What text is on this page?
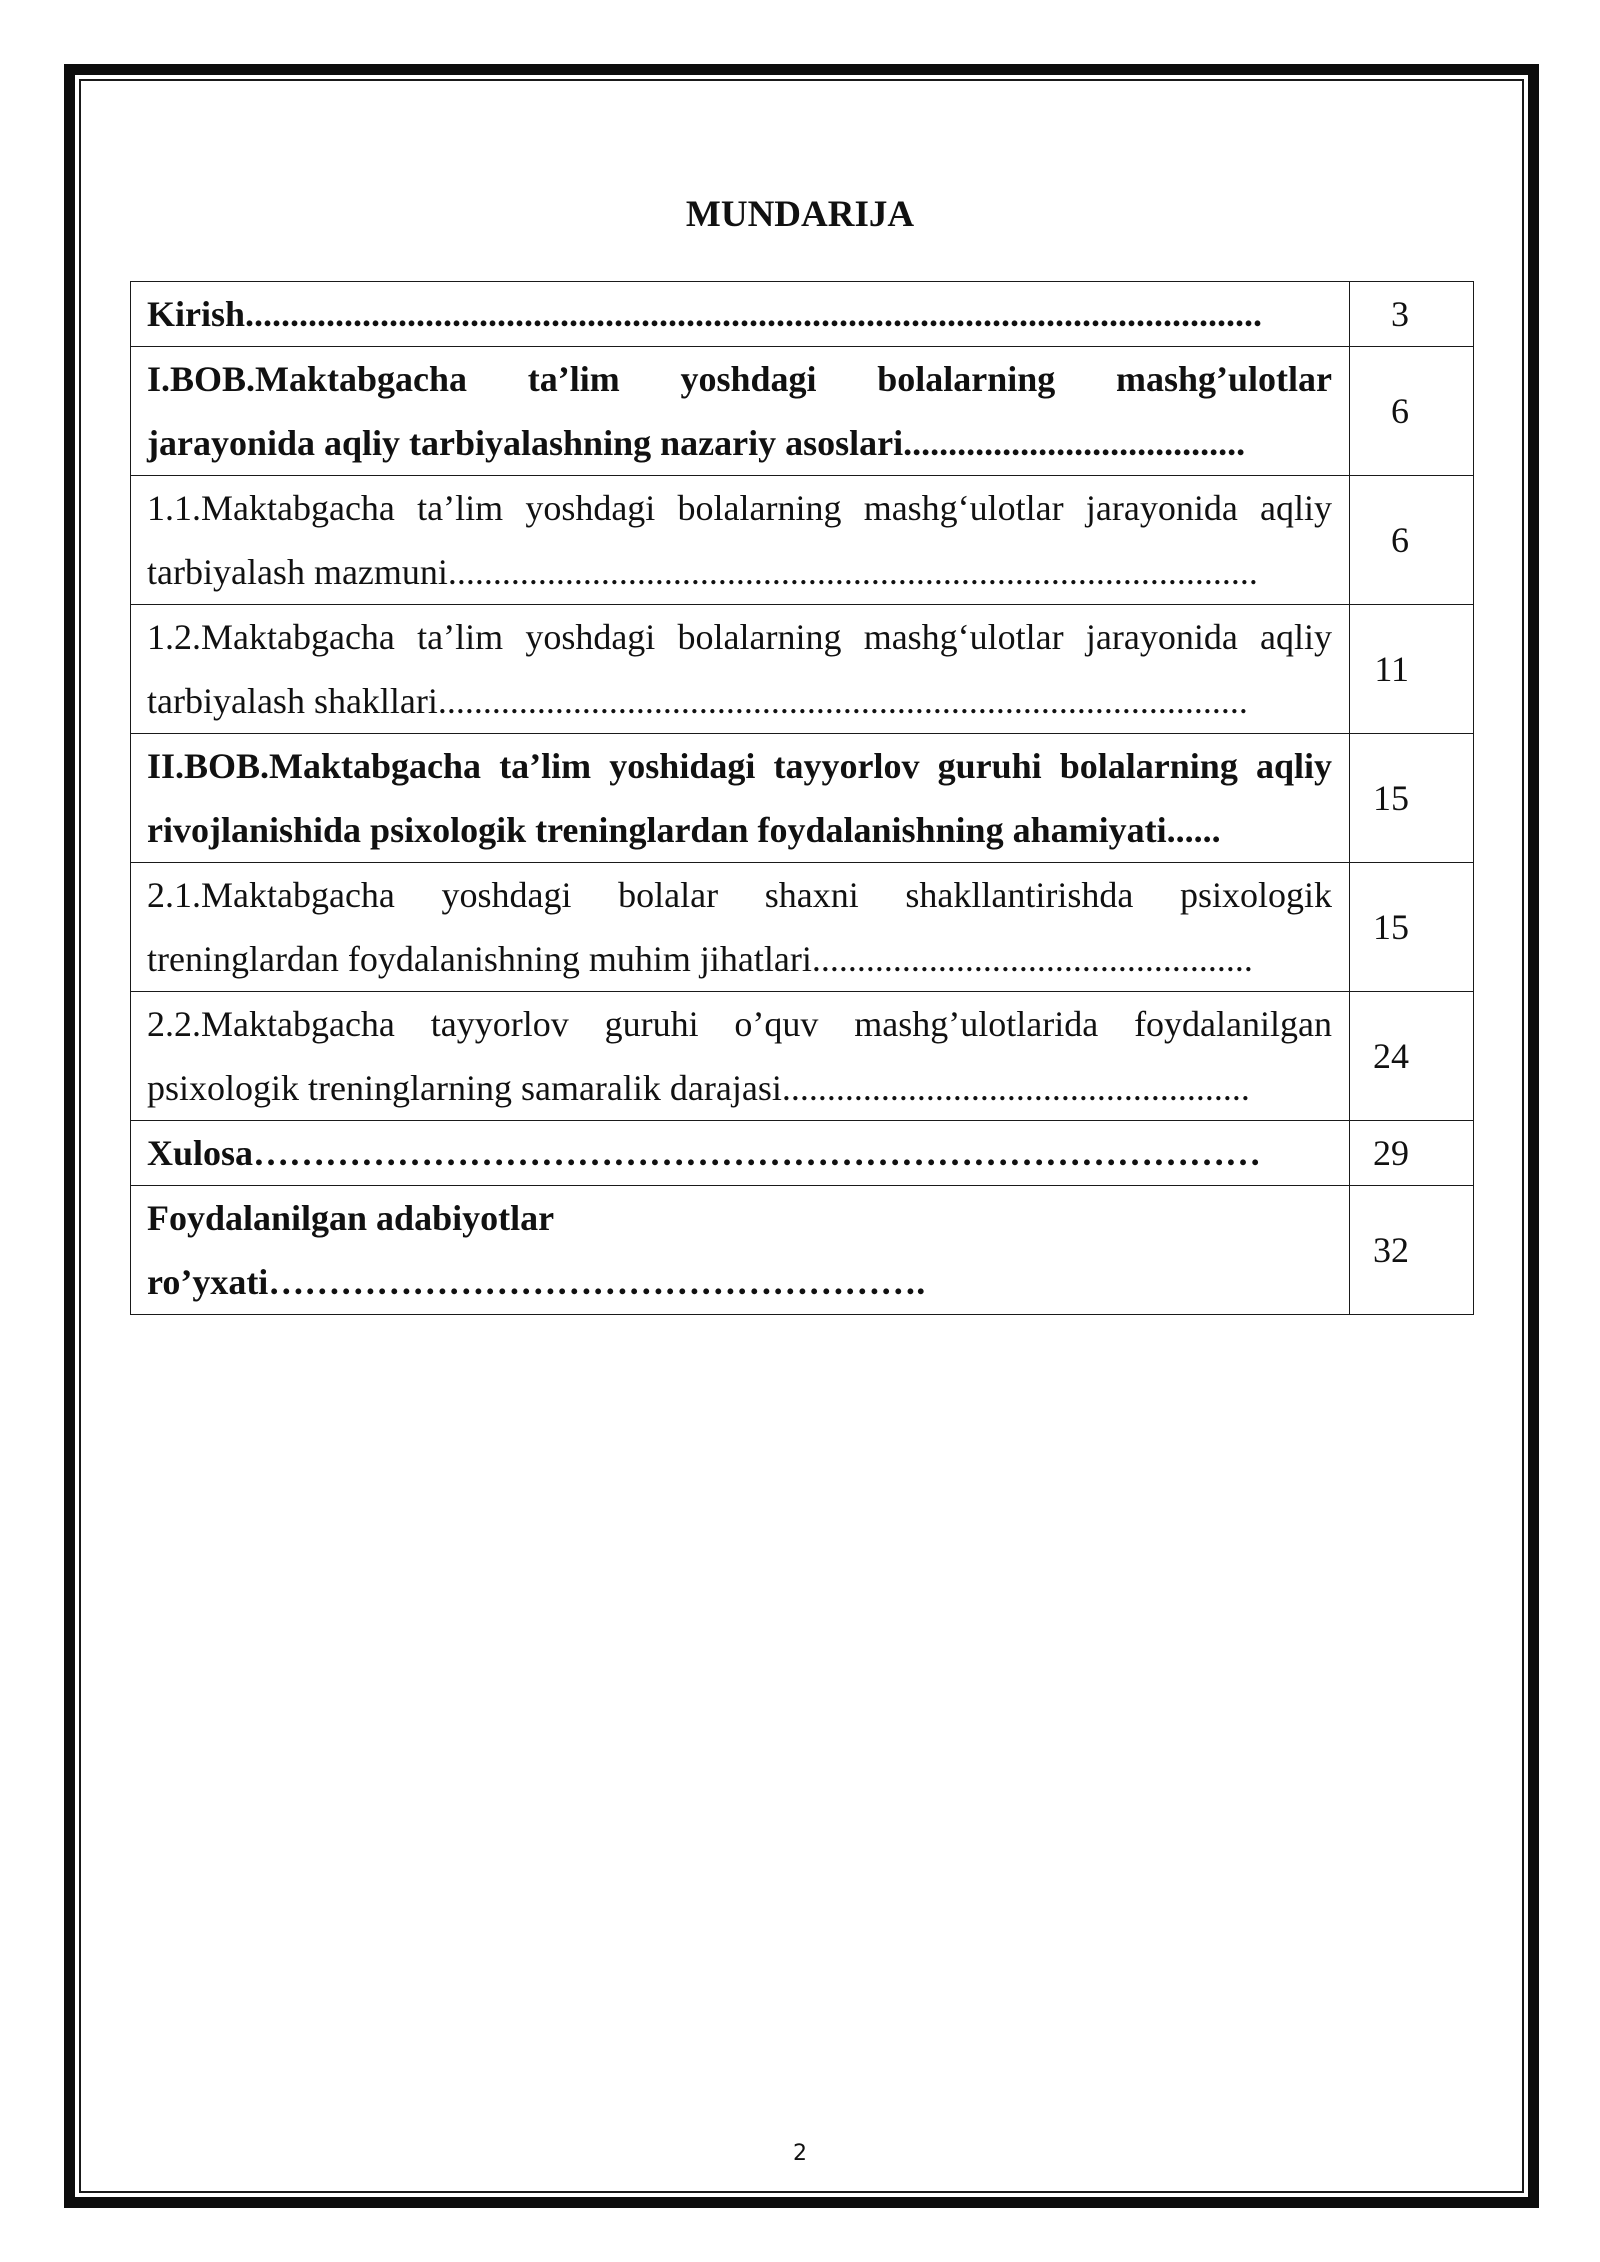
MUNDARIJA
Kirish.................................................................................................................	3

I.BOB.Maktabgacha ta’lim yoshdagi bolalarning mashg’ulotlar
jarayonida aqliy tarbiyalashning nazariy asoslari......................................	6

1.1.Maktabgacha ta’lim yoshdagi bolalarning mashg‘ulotlar jarayonida aqliy
tarbiyalash mazmuni..........................................................................................	6

1.2.Maktabgacha ta’lim yoshdagi bolalarning mashg‘ulotlar jarayonida aqliy
tarbiyalash shakllari..........................................................................................	11

II.BOB.Maktabgacha ta’lim yoshidagi tayyorlov guruhi bolalarning aqliy
rivojlanishida psixologik treninglardan foydalanishning ahamiyati......	15

2.1.Maktabgacha yoshdagi bolalar shaxni shakllantirishda psixologik
treninglardan foydalanishning muhim jihatlari.................................................	15

2.2.Maktabgacha tayyorlov guruhi o’quv mashg’ulotlarida foydalanilgan
psixologik treninglarning samaralik darajasi....................................................	24

Xulosa…………………………………………………………………………	29

Foydalanilgan adabiyotlar ro’yxati……………………………………………….	32
2
